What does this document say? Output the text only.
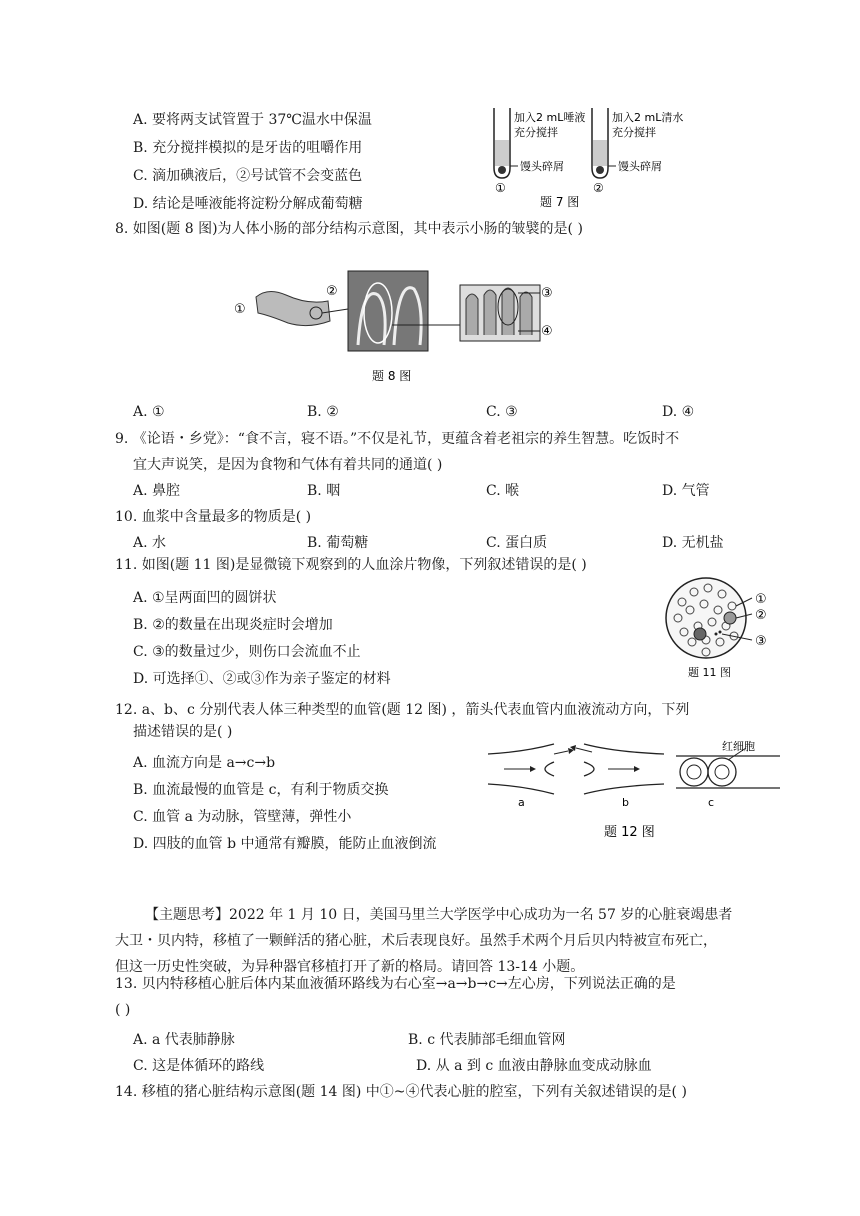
A. 要将两支试管置于 37℃温水中保温
B. 充分搅拌模拟的是牙齿的咀嚼作用
C. 滴加碘液后，②号试管不会变蓝色
D. 结论是唾液能将淀粉分解成葡萄糖
加入2 mL唾液
充分搅拌
加入2 mL清水
充分搅拌
馒头碎屑	馒头碎屑
①	②
题 7 图
8. 如图(题 8 图)为人体小肠的部分结构示意图，其中表示小肠的皱襞的是( )
①
②	③
④
题 8 图
A. ①	B. ②	C. ③	D. ④
9. 《论语・乡党》：“食不言，寝不语。”不仅是礼节，更蕴含着老祖宗的养生智慧。吃饭时不
宜大声说笑，是因为食物和气体有着共同的通道( )
A. 鼻腔	B. 咽	C. 喉	D. 气管
10. 血浆中含量最多的物质是( )
A. 水	B. 葡萄糖	C. 蛋白质	D. 无机盐
11. 如图(题 11 图)是显微镜下观察到的人血涂片物像，下列叙述错误的是( )
A. ①呈两面凹的圆饼状
B. ②的数量在出现炎症时会增加
C. ③的数量过少，则伤口会流血不止
D. 可选择①、②或③作为亲子鉴定的材料
①
②
③
题 11 图
12. a、b、c 分别代表人体三种类型的血管(题 12 图) ，箭头代表血管内血液流动方向，下列
描述错误的是( )
A. 血流方向是 a→c→b
B. 血流最慢的血管是 c，有利于物质交换
C. 血管 a 为动脉，管壁薄，弹性小
D. 四肢的血管 b 中通常有瓣膜，能防止血液倒流
红细胞
a	b	c
题 12 图
【主题思考】2022 年 1 月 10 日，美国马里兰大学医学中心成功为一名 57 岁的心脏衰竭患者
大卫・贝内特，移植了一颗鲜活的猪心脏，术后表现良好。虽然手术两个月后贝内特被宣布死亡，
但这一历史性突破，为异种器官移植打开了新的格局。请回答 13-14 小题。
13. 贝内特移植心脏后体内某血液循环路线为右心室→a→b→c→左心房，下列说法正确的是
( )
A. a 代表肺静脉	B. c 代表肺部毛细血管网
C. 这是体循环的路线	D. 从 a 到 c 血液由静脉血变成动脉血
14. 移植的猪心脏结构示意图(题 14 图) 中①~④代表心脏的腔室，下列有关叙述错误的是( )
